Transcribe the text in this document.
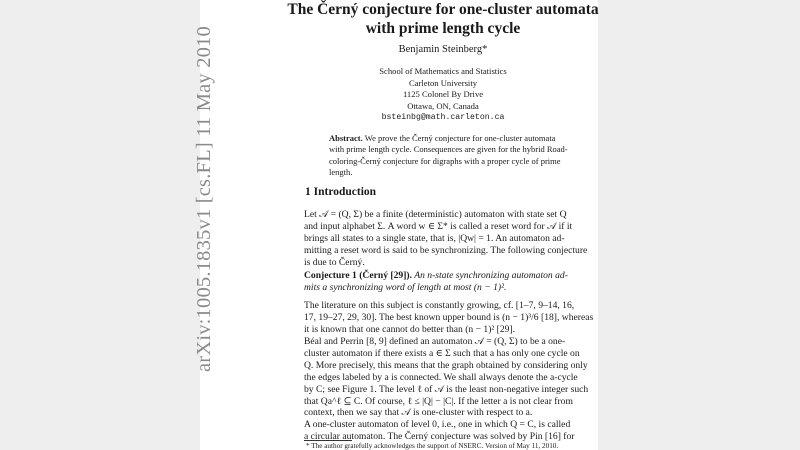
arXiv:1005.1835v1 [cs.FL] 11 May 2010
The Černý conjecture for one-cluster automata
with prime length cycle
Benjamin Steinberg*
School of Mathematics and Statistics
Carleton University
1125 Colonel By Drive
Ottawa, ON, Canada
bsteinbg@math.carleton.ca
Abstract. We prove the Černý conjecture for one-cluster automata
with prime length cycle. Consequences are given for the hybrid Road-
coloring-Černý conjecture for digraphs with a proper cycle of prime
length.
1 Introduction
Let 𝒜 = (Q, Σ) be a finite (deterministic) automaton with state set Q
and input alphabet Σ. A word w ∈ Σ* is called a reset word for 𝒜 if it
brings all states to a single state, that is, |Qw| = 1. An automaton ad-
mitting a reset word is said to be synchronizing. The following conjecture
is due to Černý.
Conjecture 1 (Černý [29]). An n-state synchronizing automaton ad-
mits a synchronizing word of length at most (n − 1)².
The literature on this subject is constantly growing, cf. [1–7, 9–14, 16,
17, 19–27, 29, 30]. The best known upper bound is (n − 1)³/6 [18], whereas
it is known that one cannot do better than (n − 1)² [29].
Béal and Perrin [8, 9] defined an automaton 𝒜 = (Q, Σ) to be a one-
cluster automaton if there exists a ∈ Σ such that a has only one cycle on
Q. More precisely, this means that the graph obtained by considering only
the edges labeled by a is connected. We shall always denote the a-cycle
by C; see Figure 1. The level ℓ of 𝒜 is the least non-negative integer such
that Qa^ℓ ⊆ C. Of course, ℓ ≤ |Q| − |C|. If the letter a is not clear from
context, then we say that 𝒜 is one-cluster with respect to a.
A one-cluster automaton of level 0, i.e., one in which Q = C, is called
a circular automaton. The Černý conjecture was solved by Pin [16] for
* The author gratefully acknowledges the support of NSERC. Version of May 11, 2010.
